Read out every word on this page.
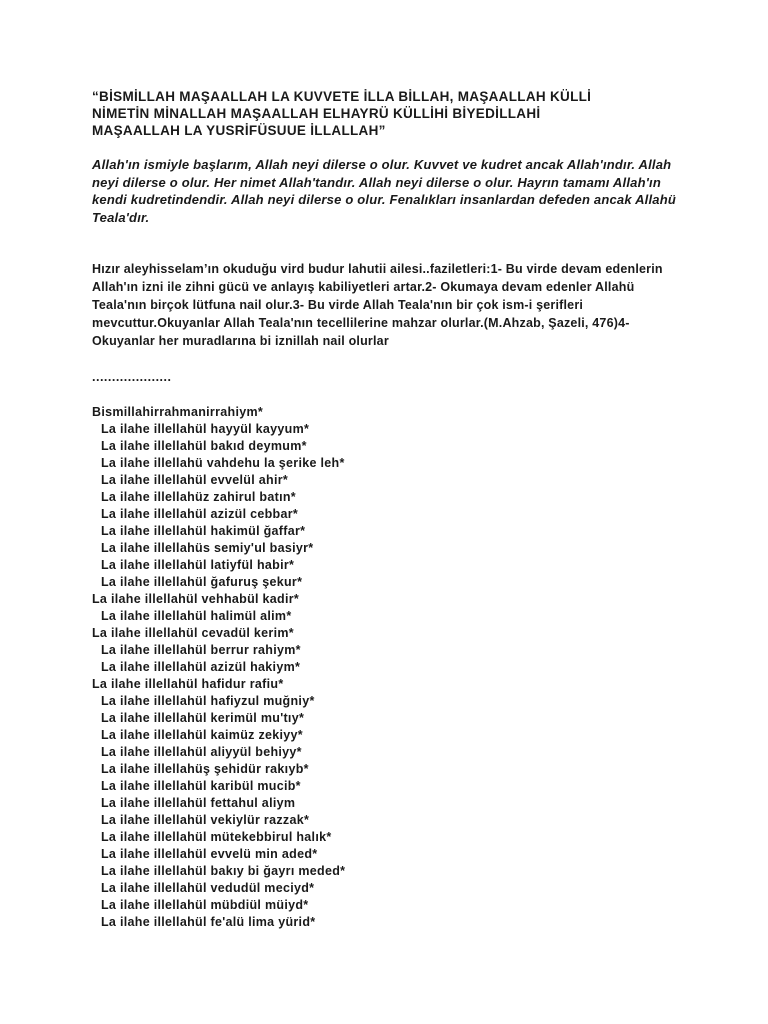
“BİSMİLLAH MAŞAALLAH LA KUVVETE İLLA BİLLAH, MAŞAALLAH KÜLLİ
NİMETİN MİNALLAH MAŞAALLAH ELHAYRÜ KÜLLİHİ BİYEDİLLAHİ
MAŞAALLAH LA YUSRİFÜSUUE İLLALLAH”

Allah'ın ismiyle başlarım, Allah neyi dilerse o olur. Kuvvet ve kudret ancak Allah'ındır. Allah neyi dilerse o olur. Her nimet Allah'tandır. Allah neyi dilerse o olur. Hayrın tamamı Allah'ın kendi kudretindendir. Allah neyi dilerse o olur. Fenalıkları insanlardan defeden ancak Allahü Teala'dır.

Hızır aleyhisselam’ın okuduğu vird budur lahutii ailesi..faziletleri:1- Bu virde devam edenlerin Allah'ın izni ile zihni gücü ve anlayış kabiliyetleri artar.2- Okumaya devam edenler Allahü Teala'nın birçok lütfuna nail olur.3- Bu virde Allah Teala'nın bir çok ism-i şerifleri mevcuttur.Okuyanlar Allah Teala'nın tecellilerine mahzar olurlar.(M.Ahzab, Şazeli, 476)4- Okuyanlar her muradlarına bi iznillah nail olurlar

....................

Bismillahirrahmanirrahiym*
La ilahe illellahül hayyül kayyum*
La ilahe illellahül bakıd deymum*
La ilahe illellahü vahdehu la şerike leh*
La ilahe illellahül evvelül ahir*
La ilahe illellahüz zahirul batın*
La ilahe illellahül azizül cebbar*
La ilahe illellahül hakimül ğaffar*
La ilahe illellahüs semiy'ul basiyr*
La ilahe illellahül latiyfül habir*
La ilahe illellahül ğafuruş şekur*
La ilahe illellahül vehhabül kadir*
La ilahe illellahül halimül alim*
La ilahe illellahül cevadül kerim*
La ilahe illellahül berrur rahiym*
La ilahe illellahül azizül hakiym*
La ilahe illellahül hafidur rafiu*
La ilahe illellahül hafiyzul muğniy*
La ilahe illellahül kerimül mu'tıy*
La ilahe illellahül kaimüz zekiyy*
La ilahe illellahül aliyyül behiyy*
La ilahe illellahüş şehidür rakıyb*
La ilahe illellahül karibül mucib*
La ilahe illellahül fettahul aliym
La ilahe illellahül vekiylür razzak*
La ilahe illellahül mütekebbirul halık*
La ilahe illellahül evvelü min aded*
La ilahe illellahül bakıy bi ğayrı meded*
La ilahe illellahül vedudül meciyd*
La ilahe illellahül mübdiül müiyd*
La ilahe illellahül fe'alü lima yürid*
